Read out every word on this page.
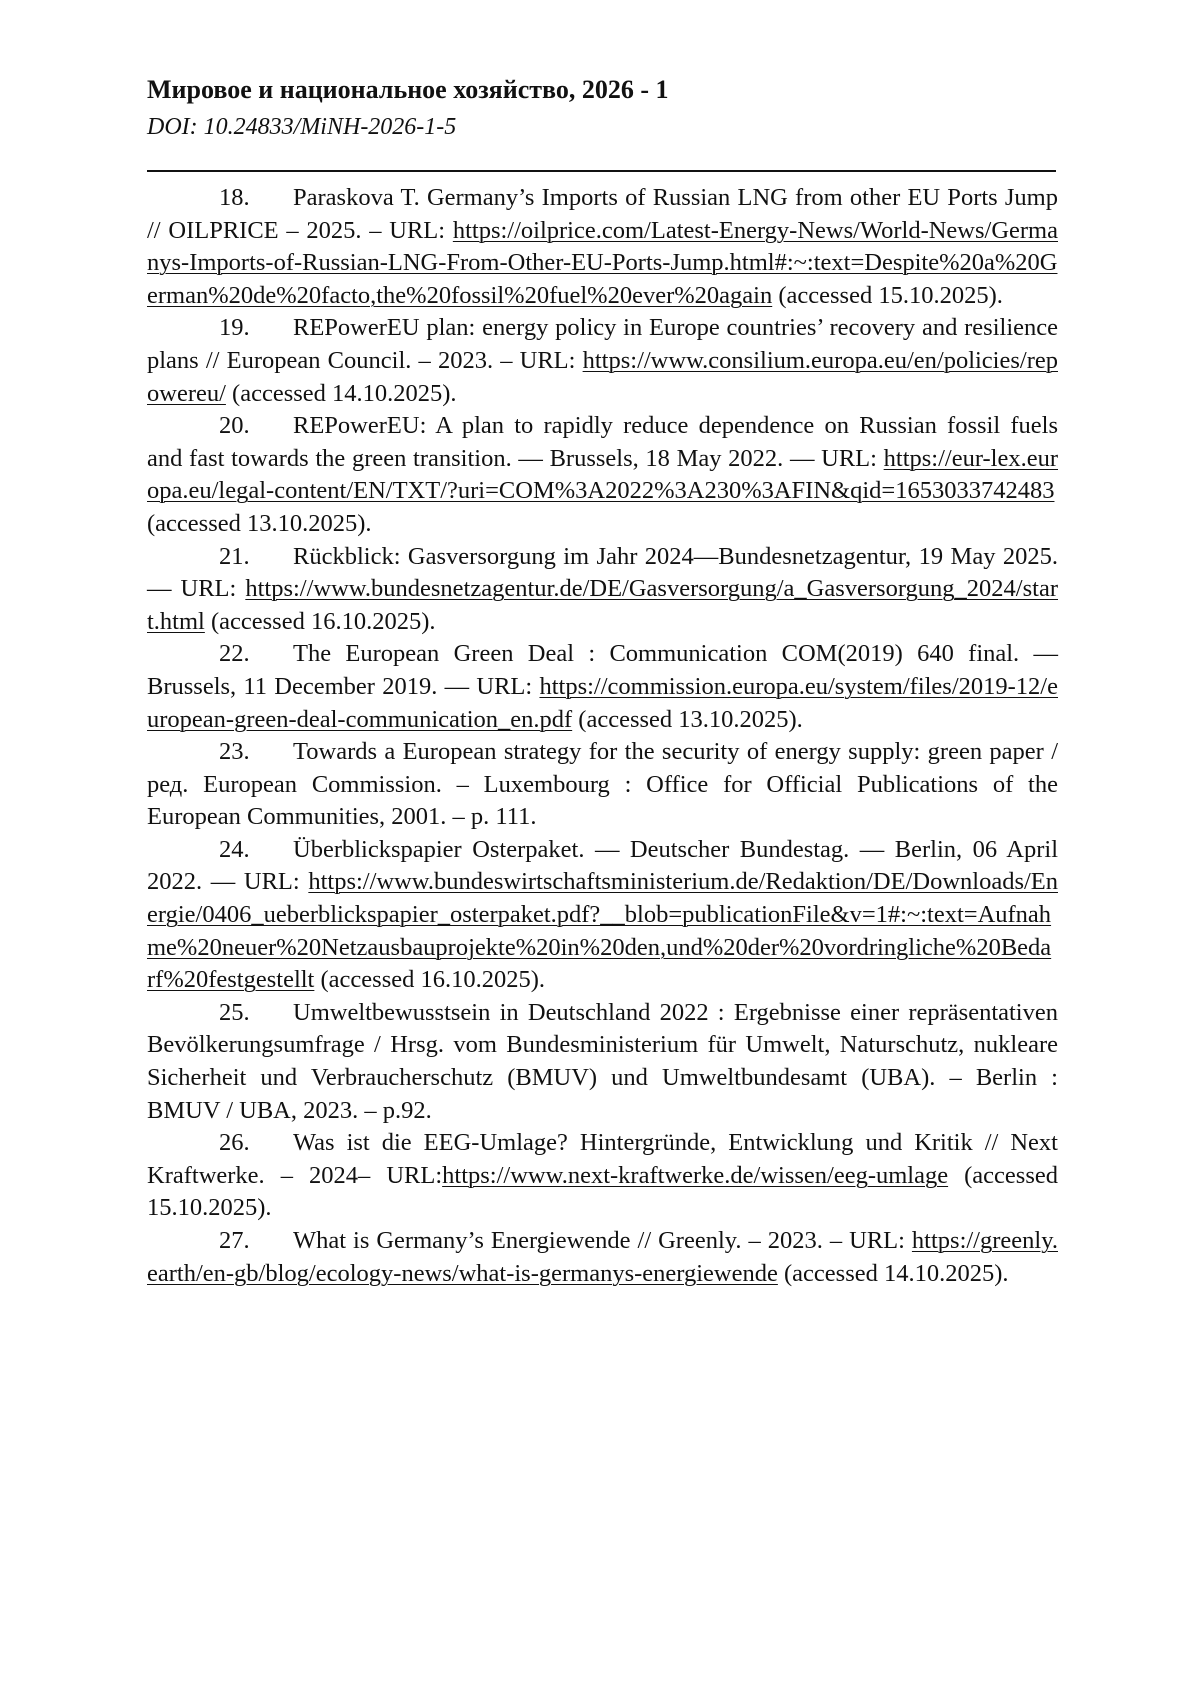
Мировое и национальное хозяйство, 2026 - 1
DOI: 10.24833/MiNH-2026-1-5

18. Paraskova T. Germany’s Imports of Russian LNG from other EU Ports Jump // OILPRICE – 2025. – URL: https://oilprice.com/Latest-Energy-News/World-News/Germanys-Imports-of-Russian-LNG-From-Other-EU-Ports-Jump.html#:~:text=Despite%20a%20German%20de%20facto,the%20fossil%20fuel%20ever%20again (accessed 15.10.2025).

19. REPowerEU plan: energy policy in Europe countries’ recovery and resilience plans // European Council. – 2023. – URL: https://www.consilium.europa.eu/en/policies/repowereu/ (accessed 14.10.2025).

20. REPowerEU: A plan to rapidly reduce dependence on Russian fossil fuels and fast towards the green transition. — Brussels, 18 May 2022. — URL: https://eur-lex.europa.eu/legal-content/EN/TXT/?uri=COM%3A2022%3A230%3AFIN&qid=1653033742483 (accessed 13.10.2025).

21. Rückblick: Gasversorgung im Jahr 2024—Bundesnetzagentur, 19 May 2025. — URL: https://www.bundesnetzagentur.de/DE/Gasversorgung/a_Gasversorgung_2024/start.html (accessed 16.10.2025).

22. The European Green Deal : Communication COM(2019) 640 final. — Brussels, 11 December 2019. — URL: https://commission.europa.eu/system/files/2019-12/european-green-deal-communication_en.pdf (accessed 13.10.2025).

23. Towards a European strategy for the security of energy supply: green paper / ред. European Commission. – Luxembourg : Office for Official Publications of the European Communities, 2001. – p. 111.

24. Überblickspapier Osterpaket. — Deutscher Bundestag. — Berlin, 06 April 2022. — URL: https://www.bundeswirtschaftsministerium.de/Redaktion/DE/Downloads/Energie/0406_ueberblickspapier_osterpaket.pdf?__blob=publicationFile&v=1#:~:text=Aufnahme%20neuer%20Netzausbauprojekte%20in%20den,und%20der%20vordringliche%20Bedarf%20festgestellt (accessed 16.10.2025).

25. Umweltbewusstsein in Deutschland 2022 : Ergebnisse einer repräsentativen Bevölkerungsumfrage / Hrsg. vom Bundesministerium für Umwelt, Naturschutz, nukleare Sicherheit und Verbraucherschutz (BMUV) und Umweltbundesamt (UBA). – Berlin : BMUV / UBA, 2023. – p.92.

26. Was ist die EEG-Umlage? Hintergründe, Entwicklung und Kritik // Next Kraftwerke. – 2024– URL:https://www.next-kraftwerke.de/wissen/eeg-umlage (accessed 15.10.2025).

27. What is Germany’s Energiewende // Greenly. – 2023. – URL: https://greenly.earth/en-gb/blog/ecology-news/what-is-germanys-energiewende (accessed 14.10.2025).
